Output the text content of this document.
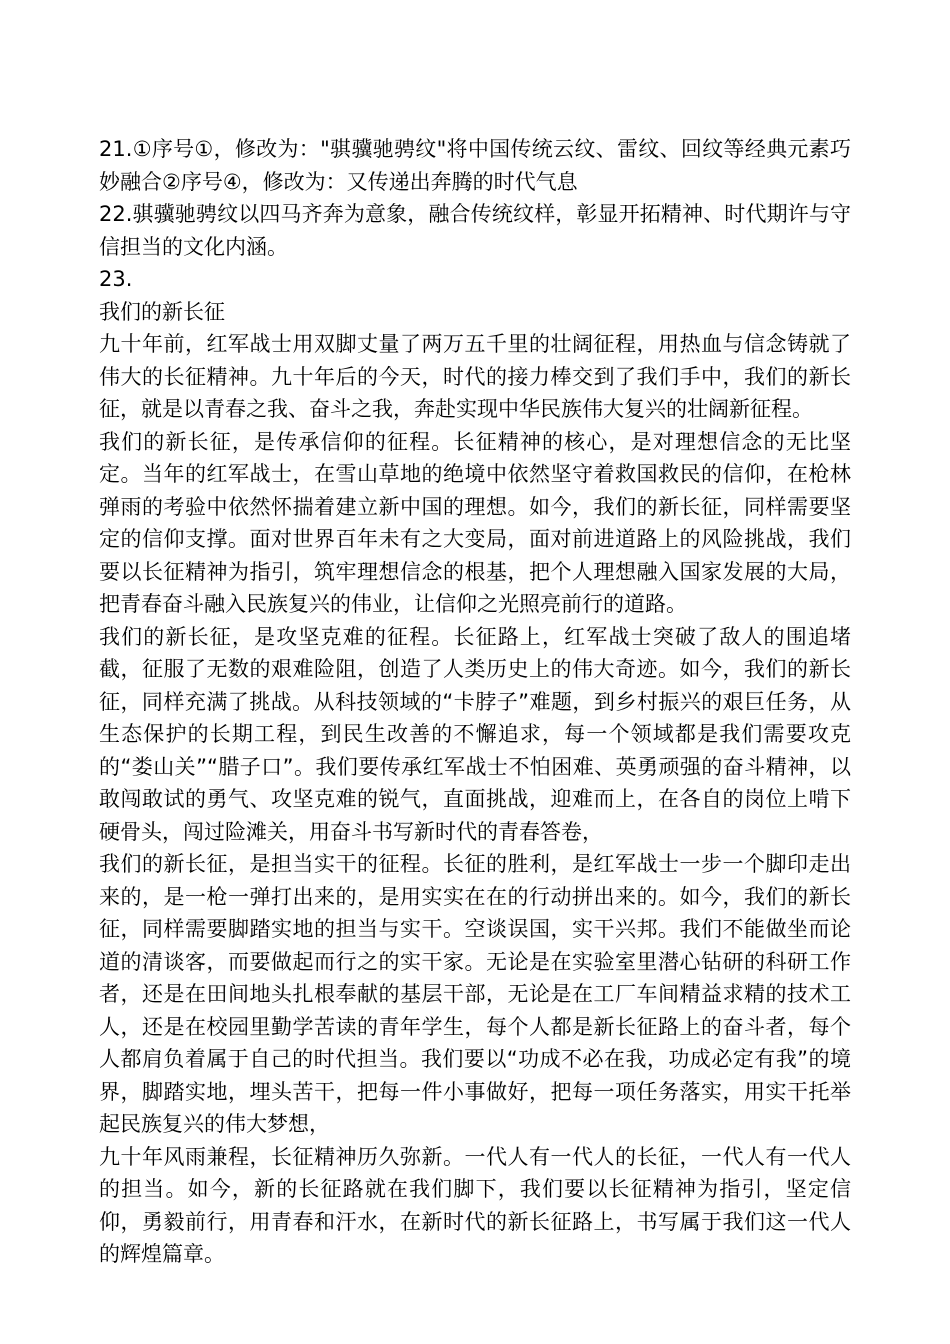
21.①序号①，修改为："骐骥驰骋纹"将中国传统云纹、雷纹、回纹等经典元素巧妙融合②序号④，修改为：又传递出奔腾的时代气息

22.骐骥驰骋纹以四马齐奔为意象，融合传统纹样，彰显开拓精神、时代期许与守信担当的文化内涵。

23.

我们的新长征

九十年前，红军战士用双脚丈量了两万五千里的壮阔征程，用热血与信念铸就了伟大的长征精神。九十年后的今天，时代的接力棒交到了我们手中，我们的新长征，就是以青春之我、奋斗之我，奔赴实现中华民族伟大复兴的壮阔新征程。

我们的新长征，是传承信仰的征程。长征精神的核心，是对理想信念的无比坚定。当年的红军战士，在雪山草地的绝境中依然坚守着救国救民的信仰，在枪林弹雨的考验中依然怀揣着建立新中国的理想。如今，我们的新长征，同样需要坚定的信仰支撑。面对世界百年未有之大变局，面对前进道路上的风险挑战，我们要以长征精神为指引，筑牢理想信念的根基，把个人理想融入国家发展的大局，把青春奋斗融入民族复兴的伟业，让信仰之光照亮前行的道路。

我们的新长征，是攻坚克难的征程。长征路上，红军战士突破了敌人的围追堵截，征服了无数的艰难险阻，创造了人类历史上的伟大奇迹。如今，我们的新长征，同样充满了挑战。从科技领域的“卡脖子”难题，到乡村振兴的艰巨任务，从生态保护的长期工程，到民生改善的不懈追求，每一个领域都是我们需要攻克的“娄山关”“腊子口”。我们要传承红军战士不怕困难、英勇顽强的奋斗精神，以敢闯敢试的勇气、攻坚克难的锐气，直面挑战，迎难而上，在各自的岗位上啃下硬骨头，闯过险滩关，用奋斗书写新时代的青春答卷，

我们的新长征，是担当实干的征程。长征的胜利，是红军战士一步一个脚印走出来的，是一枪一弹打出来的，是用实实在在的行动拼出来的。如今，我们的新长征，同样需要脚踏实地的担当与实干。空谈误国，实干兴邦。我们不能做坐而论道的清谈客，而要做起而行之的实干家。无论是在实验室里潜心钻研的科研工作者，还是在田间地头扎根奉献的基层干部，无论是在工厂车间精益求精的技术工人，还是在校园里勤学苦读的青年学生，每个人都是新长征路上的奋斗者，每个人都肩负着属于自己的时代担当。我们要以“功成不必在我，功成必定有我”的境界，脚踏实地，埋头苦干，把每一件小事做好，把每一项任务落实，用实干托举起民族复兴的伟大梦想，

九十年风雨兼程，长征精神历久弥新。一代人有一代人的长征，一代人有一代人的担当。如今，新的长征路就在我们脚下，我们要以长征精神为指引，坚定信仰，勇毅前行，用青春和汗水，在新时代的新长征路上，书写属于我们这一代人的辉煌篇章。
